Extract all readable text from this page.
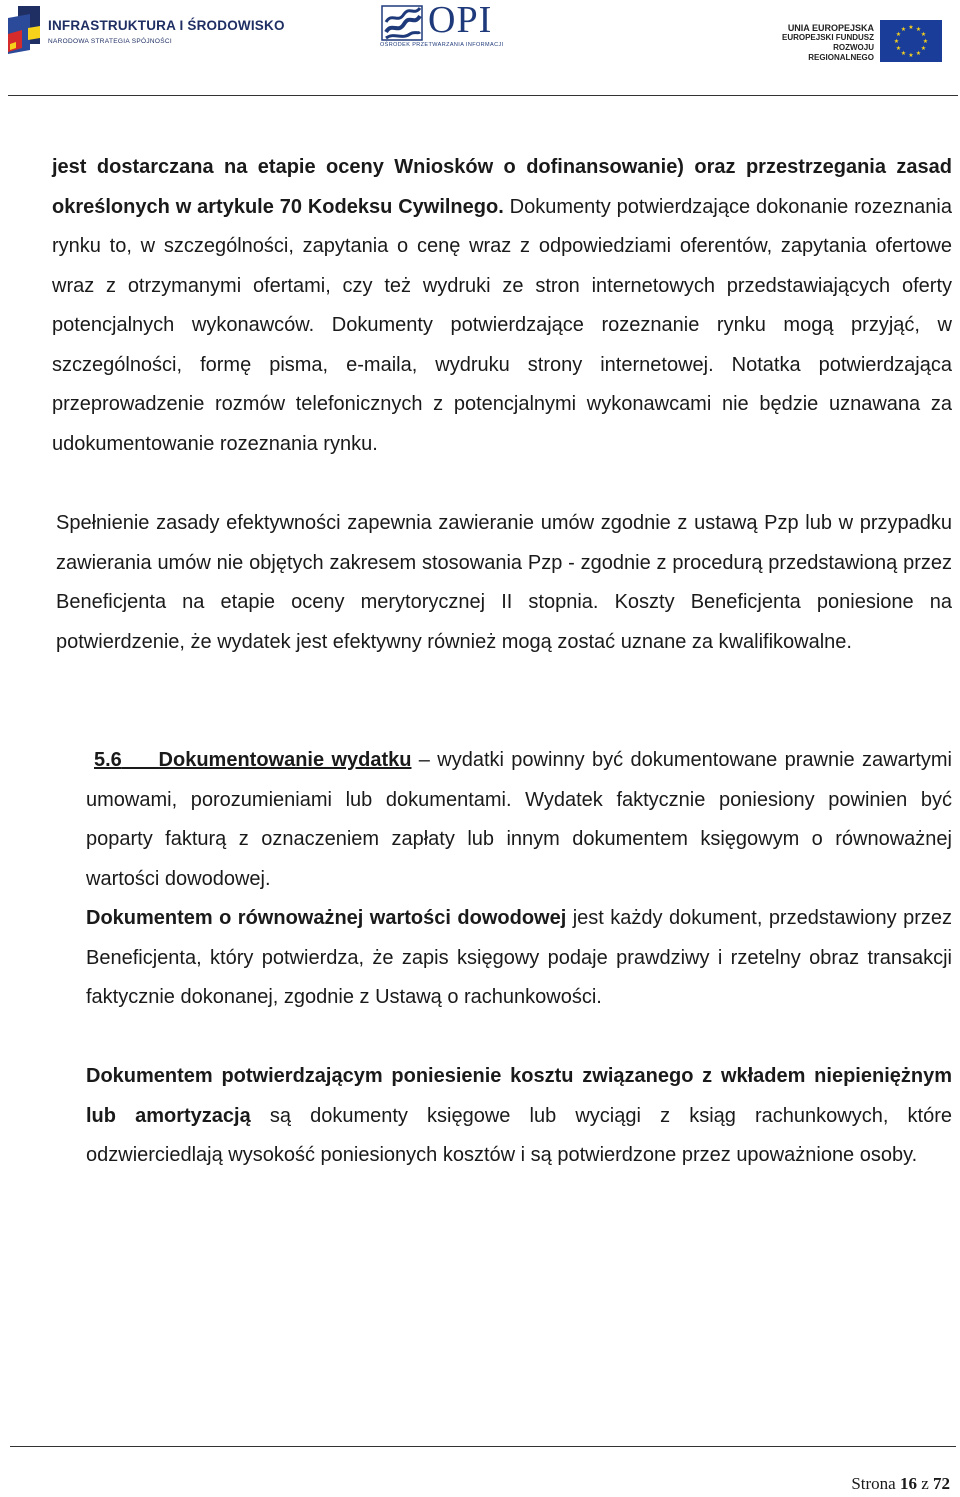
INFRASTRUKTURA I ŚRODOWISKO
NARODOWA STRATEGIA SPÓJNOŚCI
OPI
OŚRODEK PRZETWARZANIA INFORMACJI
UNIA EUROPEJSKA
EUROPEJSKI FUNDUSZ
ROZWOJU REGIONALNEGO
★ ★
★
★
★
★
★
★
★
★
★
★
jest dostarczana na etapie oceny Wniosków o dofinansowanie) oraz przestrzegania zasad określonych w artykule 70 Kodeksu Cywilnego. Dokumenty potwierdzające dokonanie rozeznania rynku to, w szczególności, zapytania o cenę wraz z odpowiedziami oferentów, zapytania ofertowe wraz z otrzymanymi ofertami, czy też wydruki ze stron internetowych przedstawiających oferty potencjalnych wykonawców. Dokumenty potwierdzające rozeznanie rynku mogą przyjąć, w szczególności, formę pisma, e-maila, wydruku strony internetowej. Notatka potwierdzająca przeprowadzenie rozmów telefonicznych z potencjalnymi wykonawcami nie będzie uznawana za udokumentowanie rozeznania rynku.
Spełnienie zasady efektywności zapewnia zawieranie umów zgodnie z ustawą Pzp lub w przypadku zawierania umów nie objętych zakresem stosowania Pzp - zgodnie z procedurą przedstawioną przez Beneficjenta na etapie oceny merytorycznej II stopnia. Koszty Beneficjenta poniesione na potwierdzenie, że wydatek jest efektywny również mogą zostać uznane za kwalifikowalne.
5.6 Dokumentowanie wydatku – wydatki powinny być dokumentowane prawnie zawartymi umowami, porozumieniami lub dokumentami. Wydatek faktycznie poniesiony powinien być poparty fakturą z oznaczeniem zapłaty lub innym dokumentem księgowym o równoważnej wartości dowodowej.
Dokumentem o równoważnej wartości dowodowej jest każdy dokument, przedstawiony przez Beneficjenta, który potwierdza, że zapis księgowy podaje prawdziwy i rzetelny obraz transakcji faktycznie dokonanej, zgodnie z Ustawą o rachunkowości.
Dokumentem potwierdzającym poniesienie kosztu związanego z wkładem niepieniężnym lub amortyzacją są dokumenty księgowe lub wyciągi z ksiąg rachunkowych, które odzwierciedlają wysokość poniesionych kosztów i są potwierdzone przez upoważnione osoby.
Strona 16 z 72
